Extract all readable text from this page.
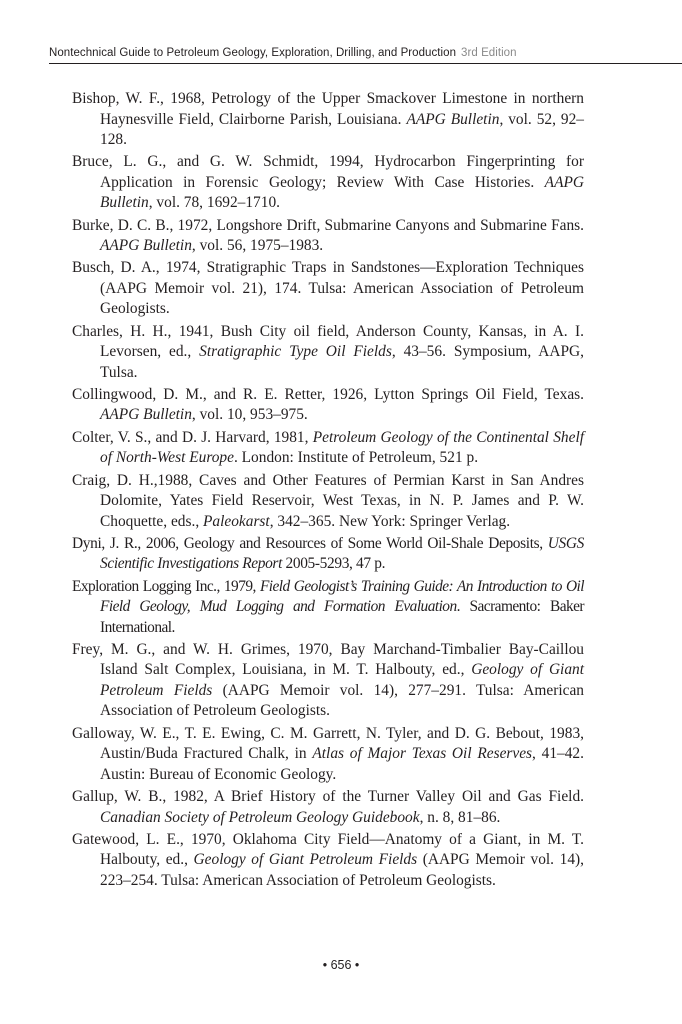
Nontechnical Guide to Petroleum Geology, Exploration, Drilling, and Production 3rd Edition

Bishop, W. F., 1968, Petrology of the Upper Smackover Limestone in northern Haynesville Field, Clairborne Parish, Louisiana. AAPG Bulletin, vol. 52, 92–128.

Bruce, L. G., and G. W. Schmidt, 1994, Hydrocarbon Fingerprinting for Application in Forensic Geology; Review With Case Histories. AAPG Bulletin, vol. 78, 1692–1710.

Burke, D. C. B., 1972, Longshore Drift, Submarine Canyons and Submarine Fans. AAPG Bulletin, vol. 56, 1975–1983.

Busch, D. A., 1974, Stratigraphic Traps in Sandstones—Exploration Techniques (AAPG Memoir vol. 21), 174. Tulsa: American Association of Petroleum Geologists.

Charles, H. H., 1941, Bush City oil field, Anderson County, Kansas, in A. I. Levorsen, ed., Stratigraphic Type Oil Fields, 43–56. Symposium, AAPG, Tulsa.

Collingwood, D. M., and R. E. Retter, 1926, Lytton Springs Oil Field, Texas. AAPG Bulletin, vol. 10, 953–975.

Colter, V. S., and D. J. Harvard, 1981, Petroleum Geology of the Continental Shelf of North-West Europe. London: Institute of Petroleum, 521 p.

Craig, D. H.,1988, Caves and Other Features of Permian Karst in San Andres Dolomite, Yates Field Reservoir, West Texas, in N. P. James and P. W. Choquette, eds., Paleokarst, 342–365. New York: Springer Verlag.

Dyni, J. R., 2006, Geology and Resources of Some World Oil-Shale Deposits, USGS Scientific Investigations Report 2005-5293, 47 p.

Exploration Logging Inc., 1979, Field Geologist’s Training Guide: An Introduction to Oil Field Geology, Mud Logging and Formation Evaluation. Sacramento: Baker International.

Frey, M. G., and W. H. Grimes, 1970, Bay Marchand-Timbalier Bay-Caillou Island Salt Complex, Louisiana, in M. T. Halbouty, ed., Geology of Giant Petroleum Fields (AAPG Memoir vol. 14), 277–291. Tulsa: American Association of Petroleum Geologists.

Galloway, W. E., T. E. Ewing, C. M. Garrett, N. Tyler, and D. G. Bebout, 1983, Austin/Buda Fractured Chalk, in Atlas of Major Texas Oil Reserves, 41–42. Austin: Bureau of Economic Geology.

Gallup, W. B., 1982, A Brief History of the Turner Valley Oil and Gas Field. Canadian Society of Petroleum Geology Guidebook, n. 8, 81–86.

Gatewood, L. E., 1970, Oklahoma City Field—Anatomy of a Giant, in M. T. Halbouty, ed., Geology of Giant Petroleum Fields (AAPG Memoir vol. 14), 223–254. Tulsa: American Association of Petroleum Geologists.

• 656 •
